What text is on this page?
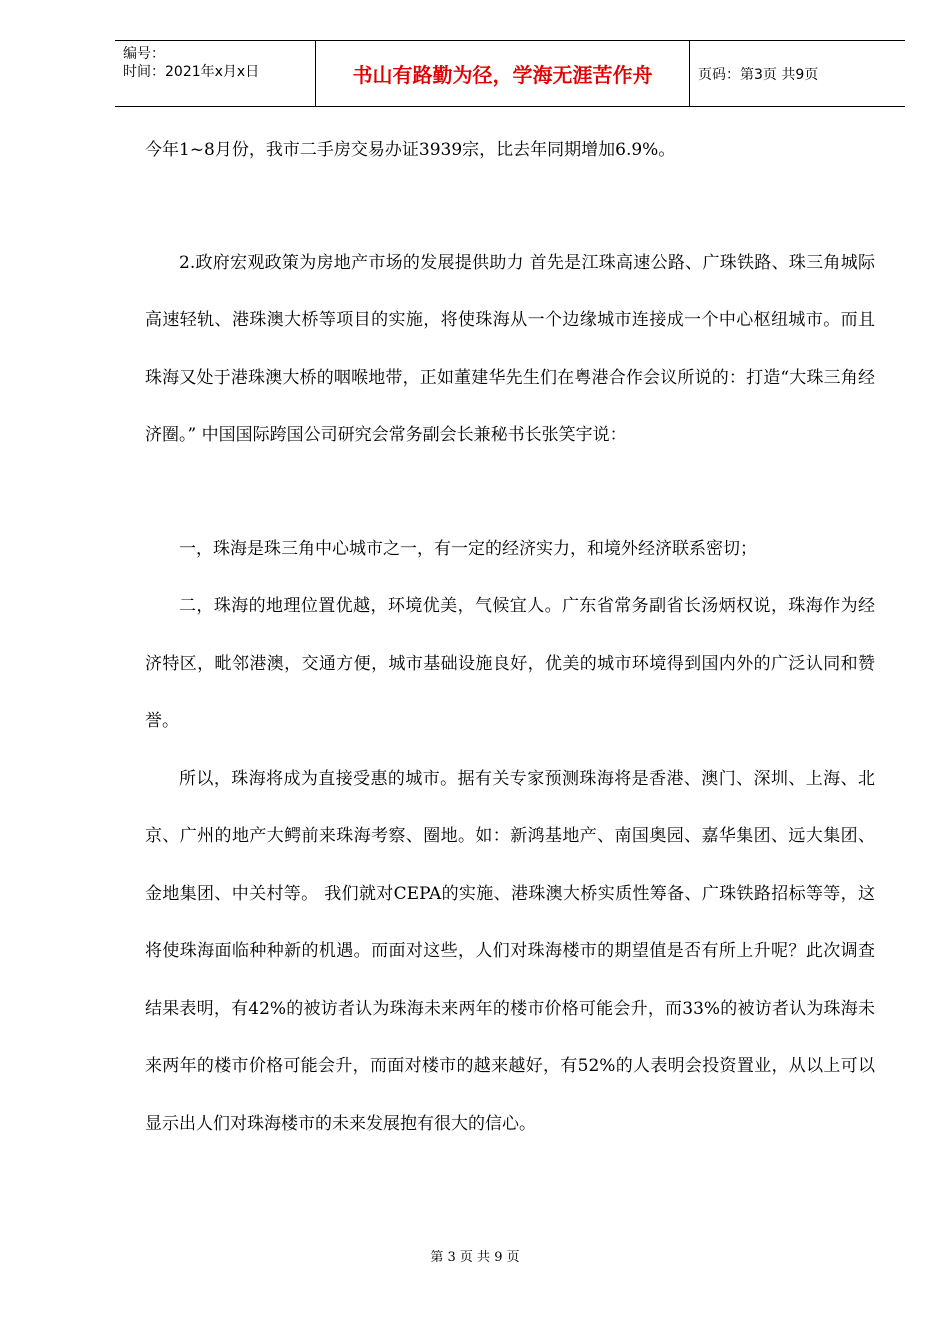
编号：
时间：2021年x月x日	书山有路勤为径，学海无涯苦作舟	页码：第3页 共9页

今年1~8月份，我市二手房交易办证3939宗，比去年同期增加6.9%。

2.政府宏观政策为房地产市场的发展提供助力 首先是江珠高速公路、广珠铁路、珠三角城际高速轻轨、港珠澳大桥等项目的实施，将使珠海从一个边缘城市连接成一个中心枢纽城市。而且珠海又处于港珠澳大桥的咽喉地带，正如董建华先生们在粤港合作会议所说的：打造“大珠三角经济圈。” 中国国际跨国公司研究会常务副会长兼秘书长张笑宇说：

一，珠海是珠三角中心城市之一，有一定的经济实力，和境外经济联系密切；

二，珠海的地理位置优越，环境优美，气候宜人。广东省常务副省长汤炳权说，珠海作为经济特区，毗邻港澳，交通方便，城市基础设施良好，优美的城市环境得到国内外的广泛认同和赞誉。

所以，珠海将成为直接受惠的城市。据有关专家预测珠海将是香港、澳门、深圳、上海、北京、广州的地产大鳄前来珠海考察、圈地。如：新鸿基地产、南国奥园、嘉华集团、远大集团、金地集团、中关村等。 我们就对CEPA的实施、港珠澳大桥实质性筹备、广珠铁路招标等等，这将使珠海面临种种新的机遇。而面对这些，人们对珠海楼市的期望值是否有所上升呢？此次调查结果表明，有42%的被访者认为珠海未来两年的楼市价格可能会升，而33%的被访者认为珠海未来两年的楼市价格可能会升，而面对楼市的越来越好，有52%的人表明会投资置业，从以上可以显示出人们对珠海楼市的未来发展抱有很大的信心。

第 3 页 共 9 页
